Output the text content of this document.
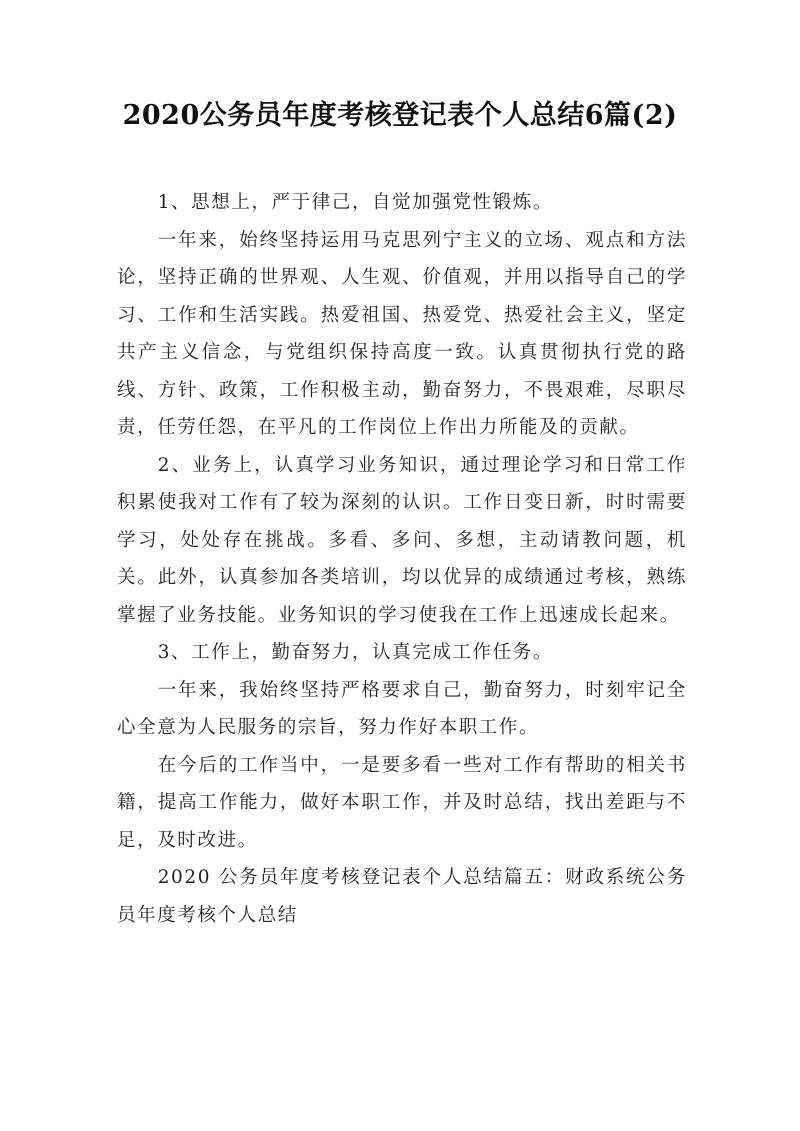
2020公务员年度考核登记表个人总结6篇(2)

1、思想上，严于律己，自觉加强党性锻炼。

一年来，始终坚持运用马克思列宁主义的立场、观点和方法论，坚持正确的世界观、人生观、价值观，并用以指导自己的学习、工作和生活实践。热爱祖国、热爱党、热爱社会主义，坚定共产主义信念，与党组织保持高度一致。认真贯彻执行党的路线、方针、政策，工作积极主动，勤奋努力，不畏艰难，尽职尽责，任劳任怨，在平凡的工作岗位上作出力所能及的贡献。

2、业务上，认真学习业务知识，通过理论学习和日常工作积累使我对工作有了较为深刻的认识。工作日变日新，时时需要学习，处处存在挑战。多看、多问、多想，主动请教问题，机关。此外，认真参加各类培训，均以优异的成绩通过考核，熟练掌握了业务技能。业务知识的学习使我在工作上迅速成长起来。

3、工作上，勤奋努力，认真完成工作任务。

一年来，我始终坚持严格要求自己，勤奋努力，时刻牢记全心全意为人民服务的宗旨，努力作好本职工作。

在今后的工作当中，一是要多看一些对工作有帮助的相关书籍，提高工作能力，做好本职工作，并及时总结，找出差距与不足，及时改进。

2020 公务员年度考核登记表个人总结篇五：财政系统公务员年度考核个人总结
